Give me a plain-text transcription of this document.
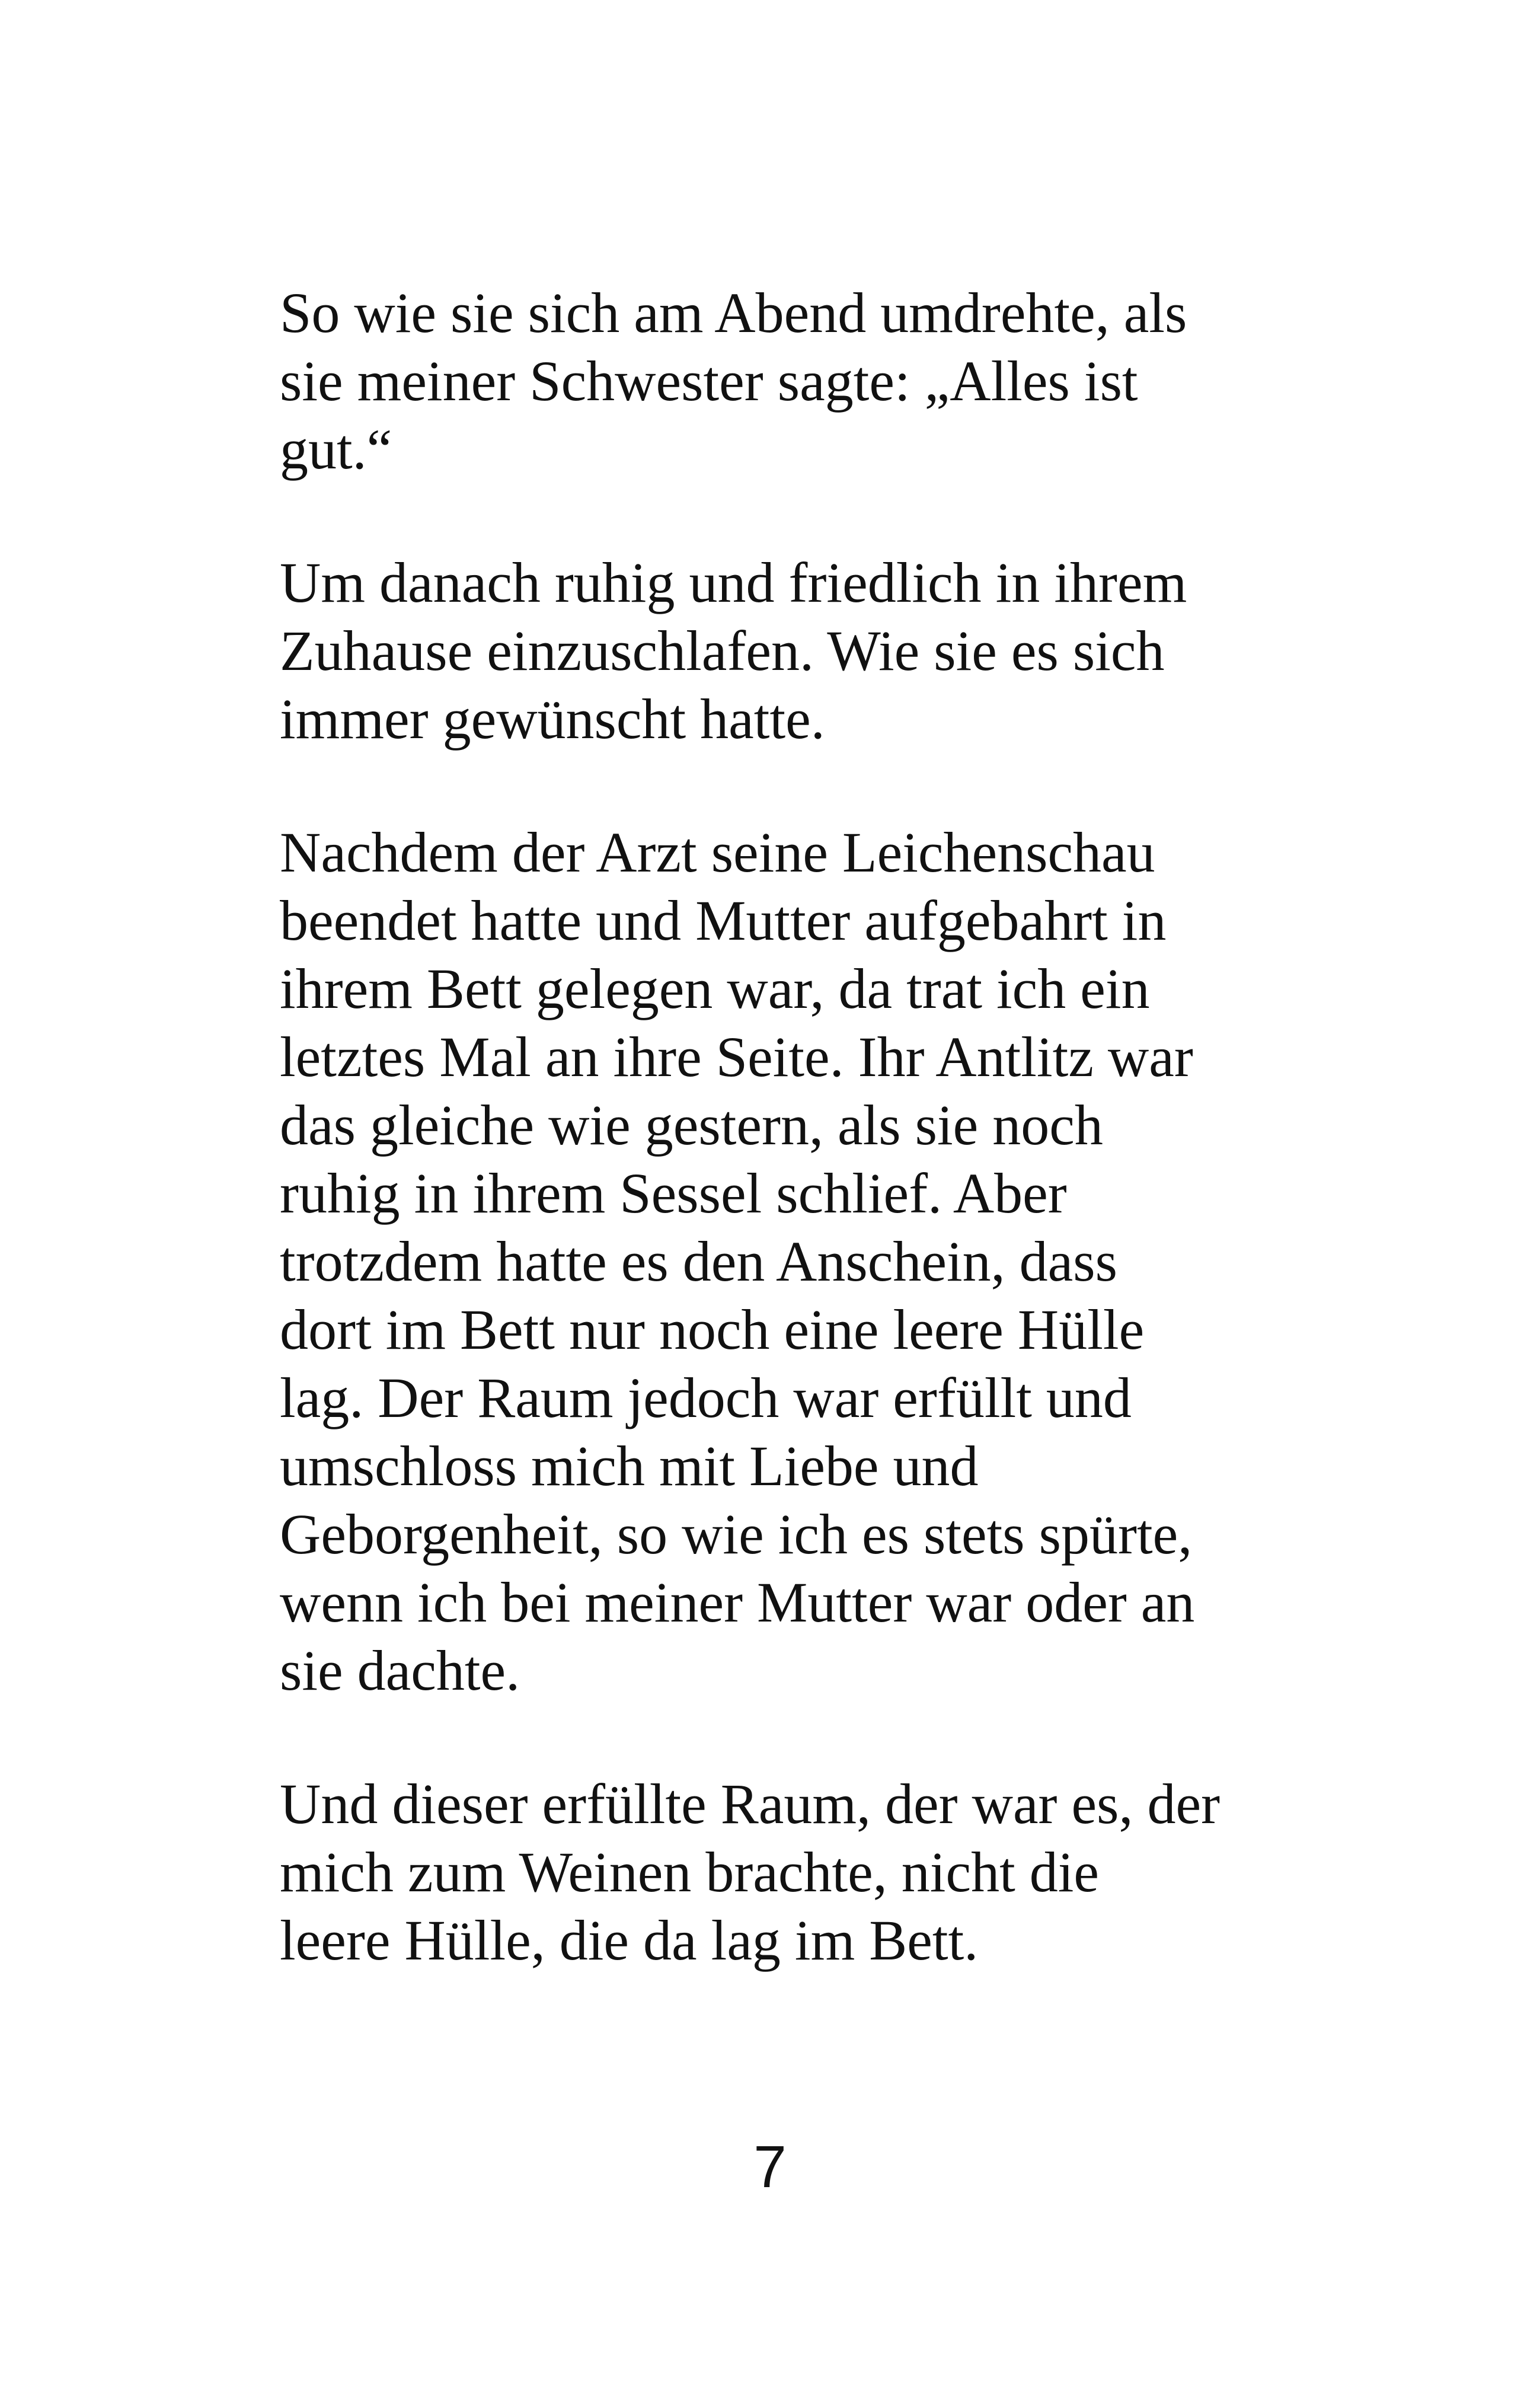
So wie sie sich am Abend umdrehte, als
sie meiner Schwester sagte: „Alles ist
gut.“

Um danach ruhig und friedlich in ihrem
Zuhause einzuschlafen. Wie sie es sich
immer gewünscht hatte.

Nachdem der Arzt seine Leichenschau
beendet hatte und Mutter aufgebahrt in
ihrem Bett gelegen war, da trat ich ein
letztes Mal an ihre Seite. Ihr Antlitz war
das gleiche wie gestern, als sie noch
ruhig in ihrem Sessel schlief. Aber
trotzdem hatte es den Anschein, dass
dort im Bett nur noch eine leere Hülle
lag. Der Raum jedoch war erfüllt und
umschloss mich mit Liebe und
Geborgenheit, so wie ich es stets spürte,
wenn ich bei meiner Mutter war oder an
sie dachte.

Und dieser erfüllte Raum, der war es, der
mich zum Weinen brachte, nicht die
leere Hülle, die da lag im Bett.

7
